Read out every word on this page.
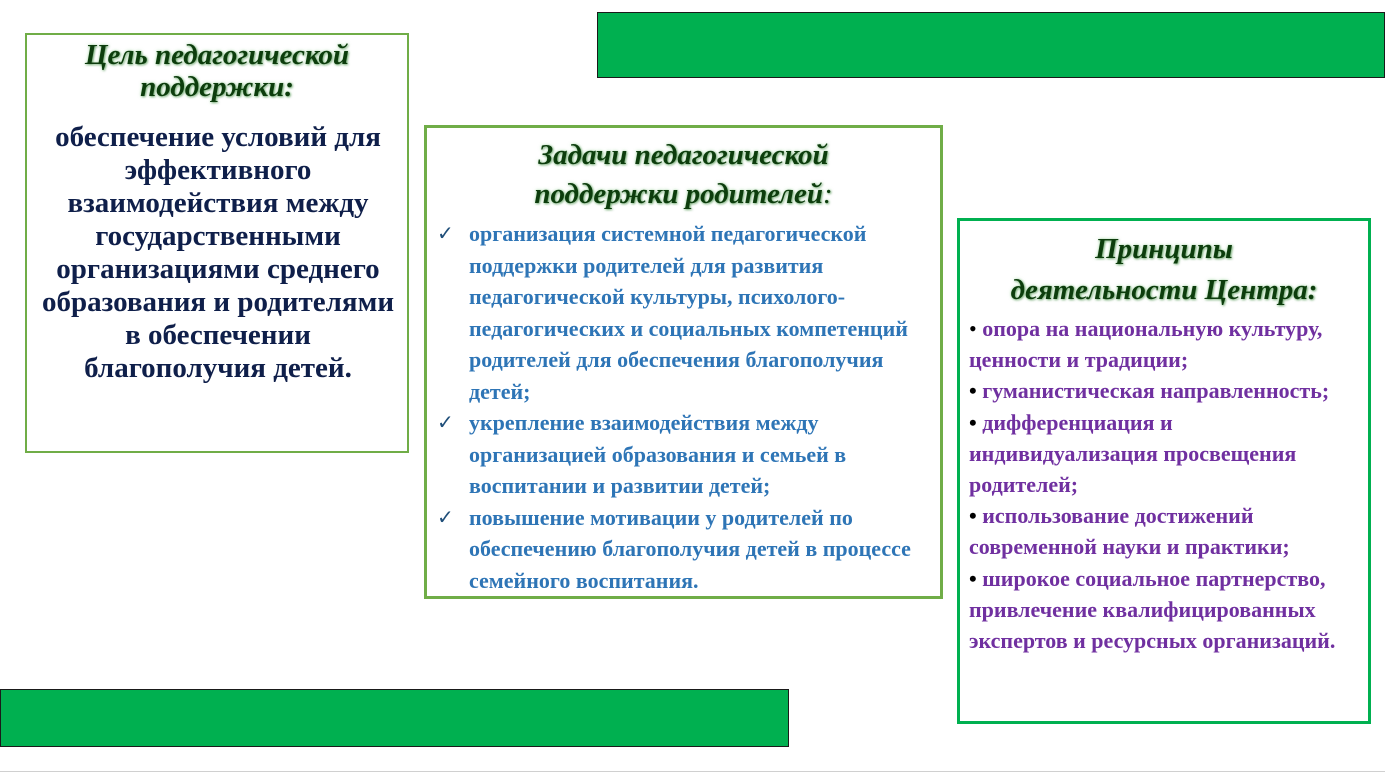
Цель педагогической
поддержки:

обеспечение условий для эффективного взаимодействия между государственными организациями среднего образования и родителями в обеспечении благополучия детей.

Задачи педагогической
поддержки родителей:
✓ организация системной педагогической поддержки родителей для развития педагогической культуры, психолого-педагогических и социальных компетенций родителей для обеспечения благополучия детей;
✓ укрепление взаимодействия между организацией образования и семьей в воспитании и развитии детей;
✓ повышение мотивации у родителей по обеспечению благополучия детей в процессе семейного воспитания.
Принципы
деятельности Центра:
• опора на национальную культуру, ценности и традиции;
• гуманистическая направленность;
• дифференциация и индивидуализация просвещения родителей;
• использование достижений современной науки и практики;
• широкое социальное партнерство, привлечение квалифицированных экспертов и ресурсных организаций.
